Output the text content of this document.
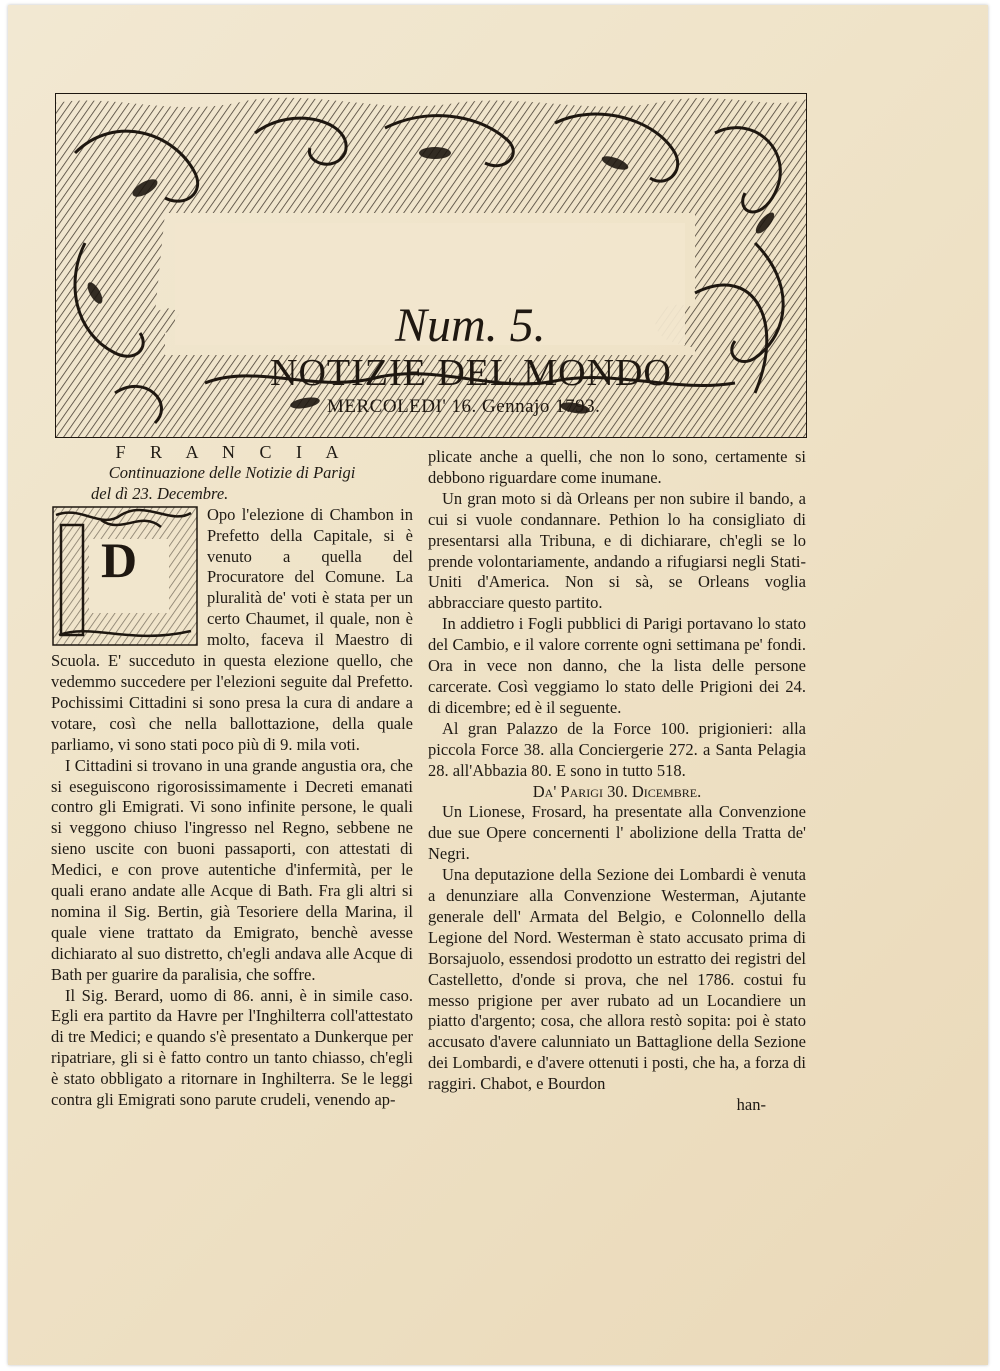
Num. 5.
NOTIZIE DEL MONDO
MERCOLEDI' 16. Gennajo 1793.

F R A N C I A

Continuazione delle Notizie di Parigi

del dì 23. Decembre.

D

Opo l'elezione di Chambon in Prefetto della Capitale, si è venuto a quella del Procuratore del Comune. La pluralità de' voti è stata per un certo Chaumet, il quale, non è molto, faceva il Maestro di Scuola. E' succeduto in questa elezione quello, che vedemmo succedere per l'elezioni seguite dal Prefetto. Pochissimi Cittadini si sono presa la cura di andare a votare, così che nella ballottazione, della quale parliamo, vi sono stati poco più di 9. mila voti.

I Cittadini si trovano in una grande angustia ora, che si eseguiscono rigorosissimamente i Decreti emanati contro gli Emigrati. Vi sono infinite persone, le quali si veggono chiuso l'ingresso nel Regno, sebbene ne sieno uscite con buoni passaporti, con attestati di Medici, e con prove autentiche d'infermità, per le quali erano andate alle Acque di Bath. Fra gli altri si nomina il Sig. Bertin, già Tesoriere della Marina, il quale viene trattato da Emigrato, benchè avesse dichiarato al suo distretto, ch'egli andava alle Acque di Bath per guarire da paralisia, che soffre.

Il Sig. Berard, uomo di 86. anni, è in simile caso. Egli era partito da Havre per l'Inghilterra coll'attestato di tre Medici; e quando s'è presentato a Dunkerque per ripatriare, gli si è fatto contro un tanto chiasso, ch'egli è stato obbligato a ritornare in Inghilterra. Se le leggi contra gli Emigrati sono parute crudeli, venendo ap-

plicate anche a quelli, che non lo sono, certamente si debbono riguardare come inumane.

Un gran moto si dà Orleans per non subire il bando, a cui si vuole condannare. Pethion lo ha consigliato di presentarsi alla Tribuna, e di dichiarare, ch'egli se lo prende volontariamente, andando a rifugiarsi negli Stati-Uniti d'America. Non si sà, se Orleans voglia abbracciare questo partito.

In addietro i Fogli pubblici di Parigi portavano lo stato del Cambio, e il valore corrente ogni settimana pe' fondi. Ora in vece non danno, che la lista delle persone carcerate. Così veggiamo lo stato delle Prigioni dei 24. di dicembre; ed è il seguente.

Al gran Palazzo de la Force 100. prigionieri: alla piccola Force 38. alla Conciergerie 272. a Santa Pelagia 28. all'Abbazia 80. E sono in tutto 518.

Da' Parigi 30. Dicembre.

Un Lionese, Frosard, ha presentate alla Convenzione due sue Opere concernenti l' abolizione della Tratta de' Negri.

Una deputazione della Sezione dei Lombardi è venuta a denunziare alla Convenzione Westerman, Ajutante generale dell' Armata del Belgio, e Colonnello della Legione del Nord. Westerman è stato accusato prima di Borsajuolo, essendosi prodotto un estratto dei registri del Castelletto, d'onde si prova, che nel 1786. costui fu messo prigione per aver rubato ad un Locandiere un piatto d'argento; cosa, che allora restò sopita: poi è stato accusato d'avere calunniato un Battaglione della Sezione dei Lombardi, e d'avere ottenuti i posti, che ha, a forza di raggiri. Chabot, e Bourdon

han-
